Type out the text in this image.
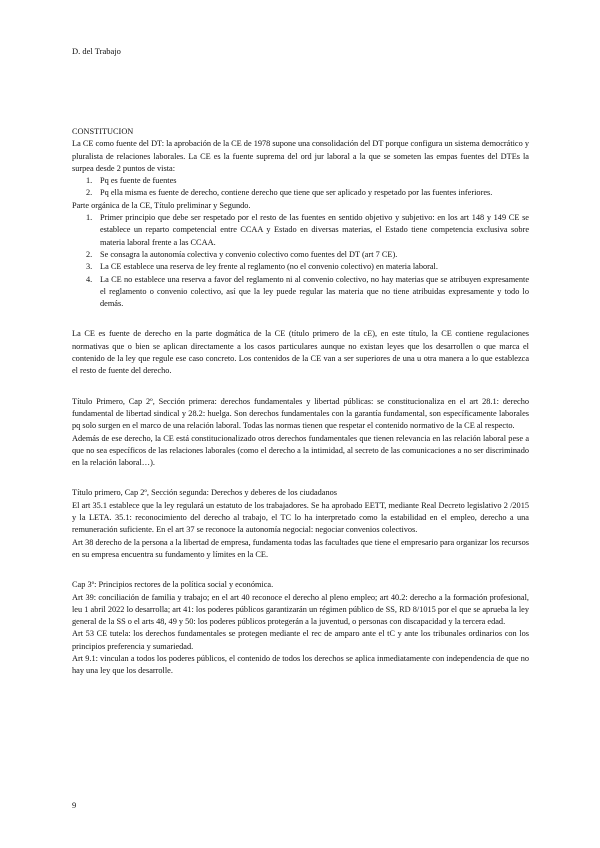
D. del Trabajo

CONSTITUCION

La CE como fuente del DT: la aprobación de la CE de 1978 supone una consolidación del DT porque configura un sistema democrático y pluralista de relaciones laborales. La CE es la fuente suprema del ord jur laboral a la que se someten las empas fuentes del DTEs la surpea desde 2 puntos de vista:

1. Pq es fuente de fuentes
2. Pq ella misma es fuente de derecho, contiene derecho que tiene que ser aplicado y respetado por las fuentes inferiores.

Parte orgánica de la CE, Título preliminar y Segundo.

1. Primer principio que debe ser respetado por el resto de las fuentes en sentido objetivo y subjetivo: en los art 148 y 149 CE se establece un reparto competencial entre CCAA y Estado en diversas materias, el Estado tiene competencia exclusiva sobre materia laboral frente a las CCAA.
2. Se consagra la autonomía colectiva y convenio colectivo como fuentes del DT (art 7 CE).
3. La CE establece una reserva de ley frente al reglamento (no el convenio colectivo) en materia laboral.
4. La CE no establece una reserva a favor del reglamento ni al convenio colectivo, no hay materias que se atribuyen expresamente el reglamento o convenio colectivo, así que la ley puede regular las materia que no tiene atribuidas expresamente y todo lo demás.

La CE es fuente de derecho en la parte dogmática de la CE (título primero de la cE), en este título, la CE contiene regulaciones normativas que o bien se aplican directamente a los casos particulares aunque no existan leyes que los desarrollen o que marca el contenido de la ley que regule ese caso concreto. Los contenidos de la CE van a ser superiores de una u otra manera a lo que establezca el resto de fuente del derecho.

Título Primero, Cap 2º, Sección primera: derechos fundamentales y libertad públicas: se constitucionaliza en el art 28.1: derecho fundamental de libertad sindical y 28.2: huelga. Son derechos fundamentales con la garantía fundamental, son específicamente laborales pq solo surgen en el marco de una relación laboral. Todas las normas tienen que respetar el contenido normativo de la CE al respecto.

Además de ese derecho, la CE está constitucionalizado otros derechos fundamentales que tienen relevancia en las relación laboral pese a que no sea específicos de las relaciones laborales (como el derecho a la intimidad, al secreto de las comunicaciones a no ser discriminado en la relación laboral…).

Título primero, Cap 2º, Sección segunda: Derechos y deberes de los ciudadanos

El art 35.1 establece que la ley regulará un estatuto de los trabajadores. Se ha aprobado EETT, mediante Real Decreto legislativo 2 /2015 y la LETA. 35.1: reconocimiento del derecho al trabajo, el TC lo ha interpretado como la estabilidad en el empleo, derecho a una remuneración suficiente. En el art 37 se reconoce la autonomía negocial: negociar convenios colectivos.

Art 38 derecho de la persona a la libertad de empresa, fundamenta todas las facultades que tiene el empresario para organizar los recursos en su empresa encuentra su fundamento y límites en la CE.

Cap 3º: Principios rectores de la política social y económica.

Art 39: conciliación de familia y trabajo; en el art 40 reconoce el derecho al pleno empleo; art 40.2: derecho a la formación profesional, leu 1 abril 2022 lo desarrolla; art 41: los poderes públicos garantizarán un régimen público de SS, RD 8/1015 por el que se aprueba la ley general de la SS o el arts 48, 49 y 50: los poderes públicos protegerán a la juventud, o personas con discapacidad y la tercera edad.

Art 53 CE tutela: los derechos fundamentales se protegen mediante el rec de amparo ante el tC y ante los tribunales ordinarios con los principios preferencia y sumariedad.

Art 9.1: vinculan a todos los poderes públicos, el contenido de todos los derechos se aplica inmediatamente con independencia de que no hay una ley que los desarrolle.

9
